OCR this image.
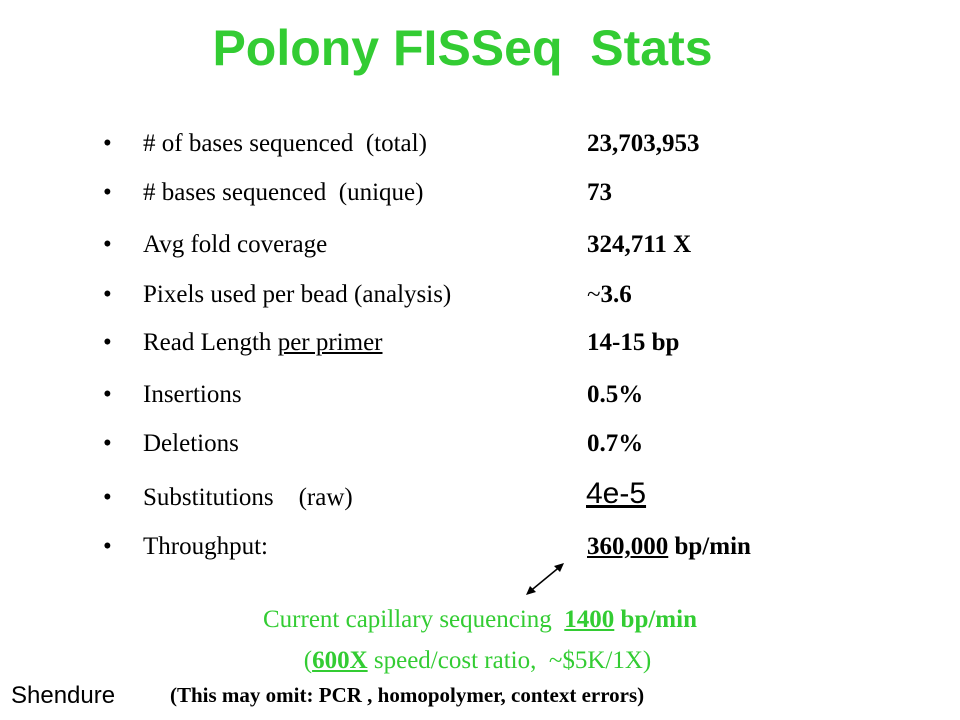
Polony FISSeq  Stats
• # of bases sequenced  (total)	23,703,953
• # bases sequenced  (unique)	73
• Avg fold coverage	324,711 X
• Pixels used per bead (analysis)	~3.6
• Read Length per primer	14-15 bp
• Insertions	0.5%
• Deletions	0.7%
• Substitutions    (raw)	4e-5
• Throughput:	360,000 bp/min
Current capillary sequencing  1400 bp/min
(600X speed/cost ratio,  ~$5K/1X)
Shendure	(This may omit: PCR , homopolymer, context errors)
